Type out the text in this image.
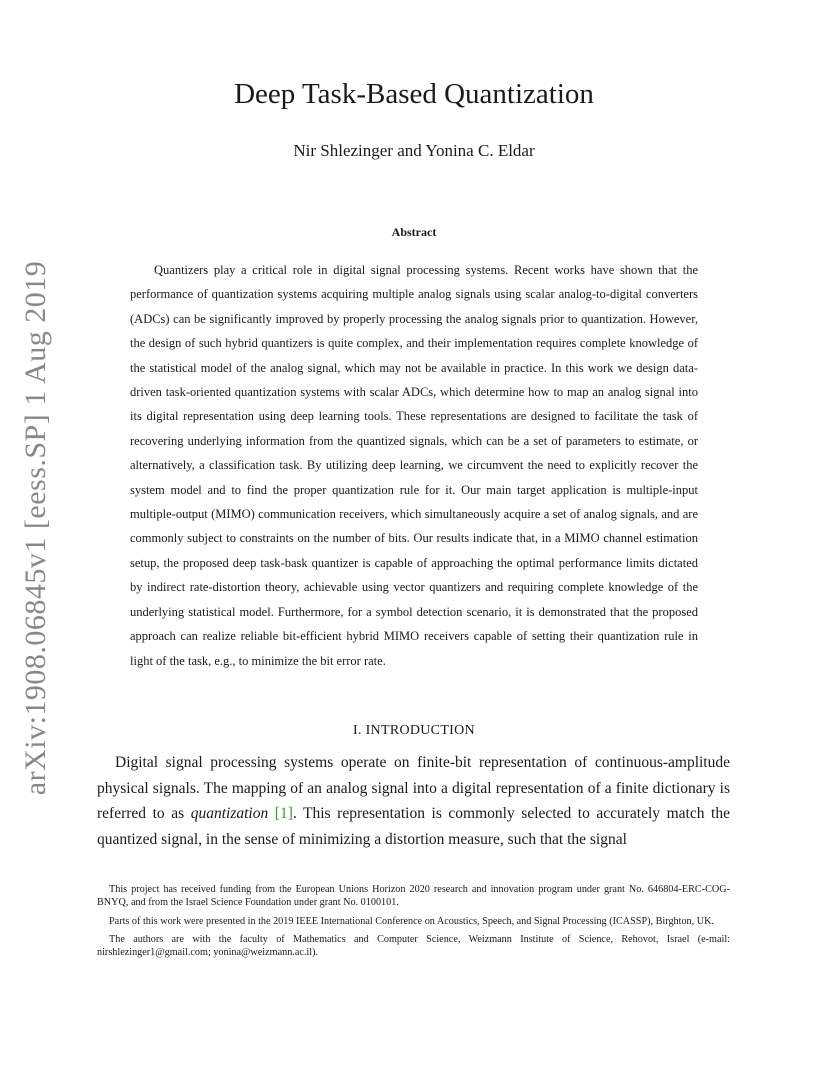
arXiv:1908.06845v1 [eess.SP] 1 Aug 2019
Deep Task-Based Quantization
Nir Shlezinger and Yonina C. Eldar
Abstract

Quantizers play a critical role in digital signal processing systems. Recent works have shown that the performance of quantization systems acquiring multiple analog signals using scalar analog-to-digital converters (ADCs) can be significantly improved by properly processing the analog signals prior to quantization. However, the design of such hybrid quantizers is quite complex, and their implementation requires complete knowledge of the statistical model of the analog signal, which may not be available in practice. In this work we design data-driven task-oriented quantization systems with scalar ADCs, which determine how to map an analog signal into its digital representation using deep learning tools. These representations are designed to facilitate the task of recovering underlying information from the quantized signals, which can be a set of parameters to estimate, or alternatively, a classification task. By utilizing deep learning, we circumvent the need to explicitly recover the system model and to find the proper quantization rule for it. Our main target application is multiple-input multiple-output (MIMO) communication receivers, which simultaneously acquire a set of analog signals, and are commonly subject to constraints on the number of bits. Our results indicate that, in a MIMO channel estimation setup, the proposed deep task-bask quantizer is capable of approaching the optimal performance limits dictated by indirect rate-distortion theory, achievable using vector quantizers and requiring complete knowledge of the underlying statistical model. Furthermore, for a symbol detection scenario, it is demonstrated that the proposed approach can realize reliable bit-efficient hybrid MIMO receivers capable of setting their quantization rule in light of the task, e.g., to minimize the bit error rate.

I. INTRODUCTION

Digital signal processing systems operate on finite-bit representation of continuous-amplitude physical signals. The mapping of an analog signal into a digital representation of a finite dictionary is referred to as quantization [1]. This representation is commonly selected to accurately match the quantized signal, in the sense of minimizing a distortion measure, such that the signal

This project has received funding from the European Unions Horizon 2020 research and innovation program under grant No. 646804-ERC-COG-BNYQ, and from the Israel Science Foundation under grant No. 0100101.

Parts of this work were presented in the 2019 IEEE International Conference on Acoustics, Speech, and Signal Processing (ICASSP), Birghton, UK.

The authors are with the faculty of Mathematics and Computer Science, Weizmann Institute of Science, Rehovot, Israel (e-mail: nirshlezinger1@gmail.com; yonina@weizmann.ac.il).
